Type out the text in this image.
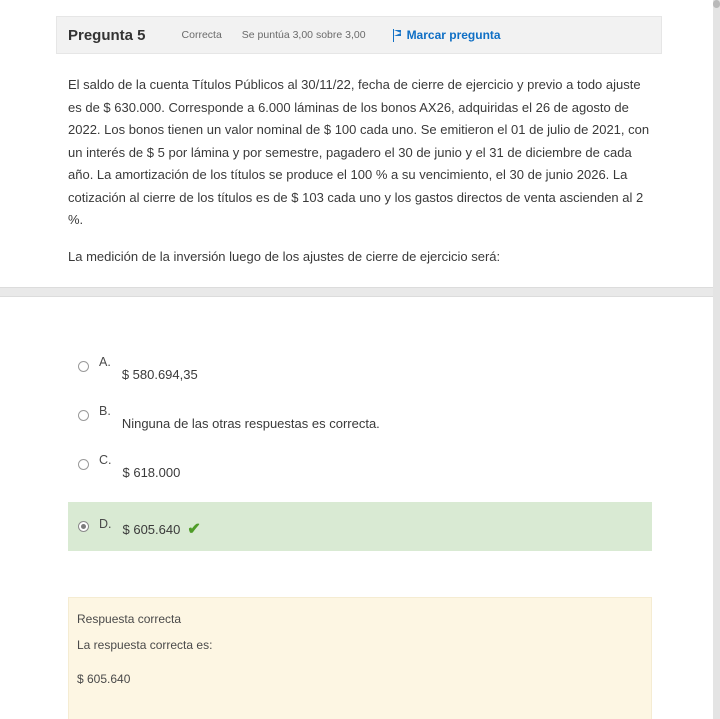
Pregunta 5	Correcta Se puntúa 3,00 sobre 3,00	Marcar pregunta

El saldo de la cuenta Títulos Públicos al 30/11/22, fecha de cierre de ejercicio y previo a todo ajuste es de $ 630.000. Corresponde a 6.000 láminas de los bonos AX26, adquiridas el 26 de agosto de 2022. Los bonos tienen un valor nominal de $ 100 cada uno. Se emitieron el 01 de julio de 2021, con un interés de $ 5 por lámina y por semestre, pagadero el 30 de junio y el 31 de diciembre de cada año. La amortización de los títulos se produce el 100 % a su vencimiento, el 30 de junio 2026. La cotización al cierre de los títulos es de $ 103 cada uno y los gastos directos de venta ascienden al 2 %.

La medición de la inversión luego de los ajustes de cierre de ejercicio será:

A.
$ 580.694,35
B.
Ninguna de las otras respuestas es correcta.
C.
$ 618.000
D. $ 605.640 ✔
Respuesta correcta
La respuesta correcta es:
$ 605.640
